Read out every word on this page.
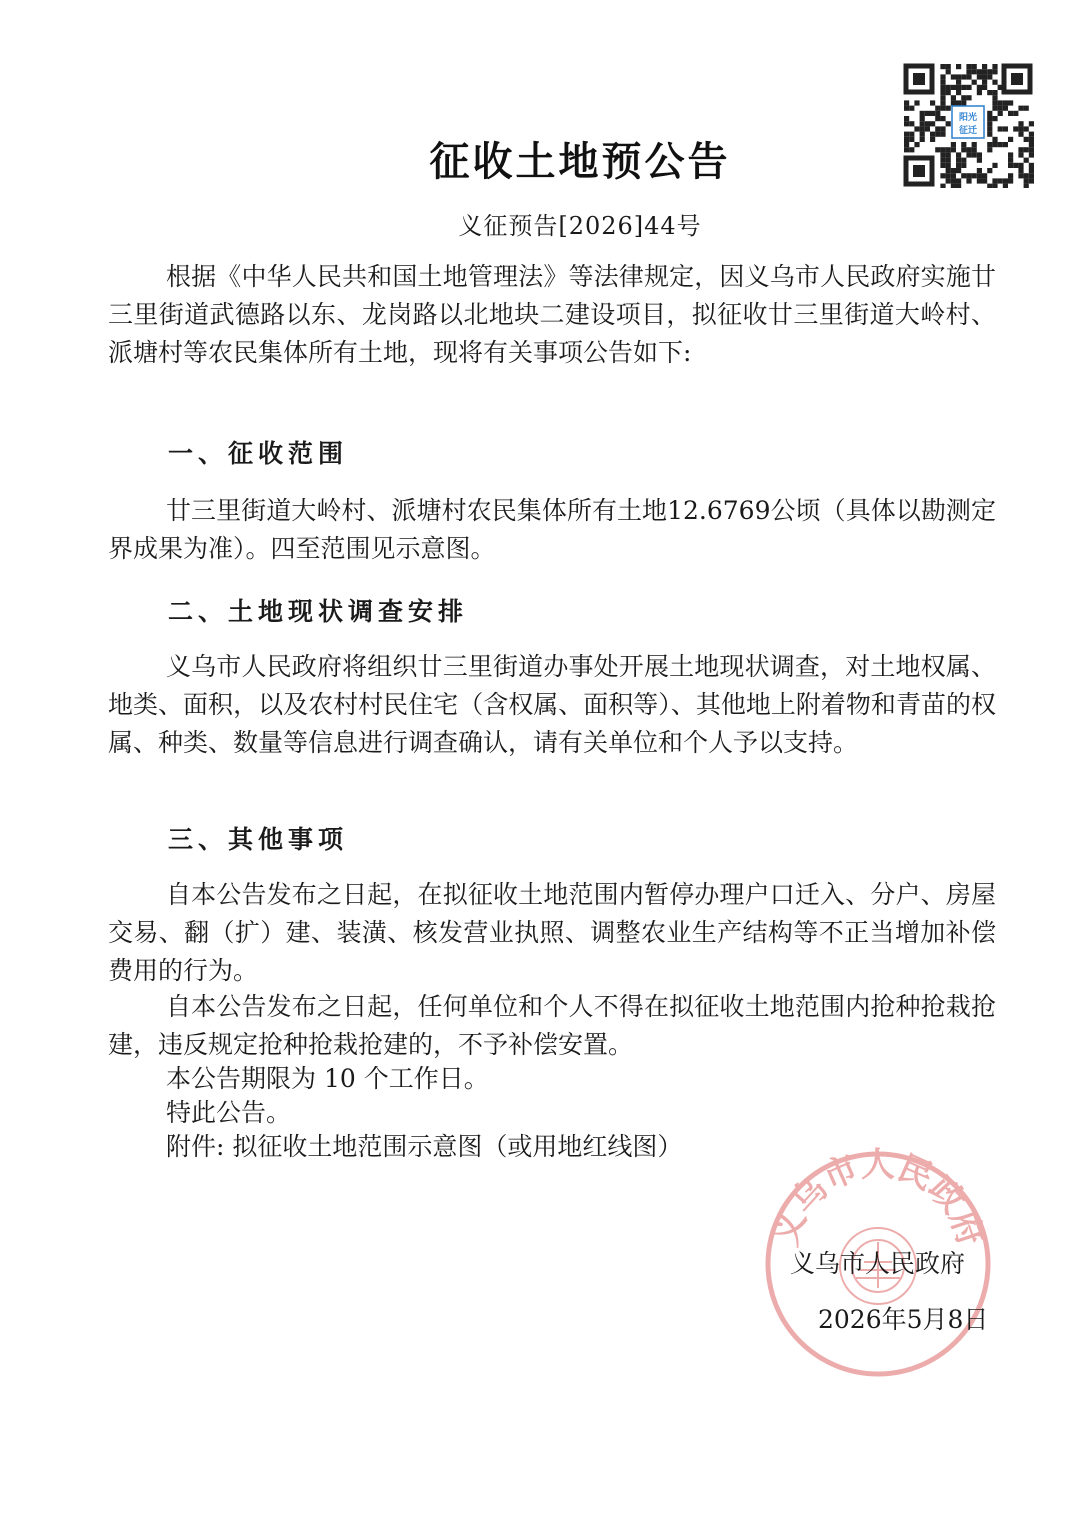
阳光
征迁
征收土地预公告
义征预告[2026]44号

根据《中华人民共和国土地管理法》等法律规定，因义乌市人民政府实施廿三里街道武德路以东、龙岗路以北地块二建设项目，拟征收廿三里街道大岭村、派塘村等农民集体所有土地，现将有关事项公告如下:

一、征收范围

廿三里街道大岭村、派塘村农民集体所有土地12.6769公顷（具体以勘测定界成果为准）。四至范围见示意图。

二、土地现状调查安排

义乌市人民政府将组织廿三里街道办事处开展土地现状调查，对土地权属、地类、面积，以及农村村民住宅（含权属、面积等）、其他地上附着物和青苗的权属、种类、数量等信息进行调查确认，请有关单位和个人予以支持。

三、其他事项

自本公告发布之日起，在拟征收土地范围内暂停办理户口迁入、分户、房屋交易、翻（扩）建、装潢、核发营业执照、调整农业生产结构等不正当增加补偿费用的行为。

自本公告发布之日起，任何单位和个人不得在拟征收土地范围内抢种抢栽抢建，违反规定抢种抢栽抢建的，不予补偿安置。

本公告期限为 10 个工作日。
特此公告。
附件: 拟征收土地范围示意图（或用地红线图）
义乌市人民政府
义乌市人民政府
2026年5月8日
